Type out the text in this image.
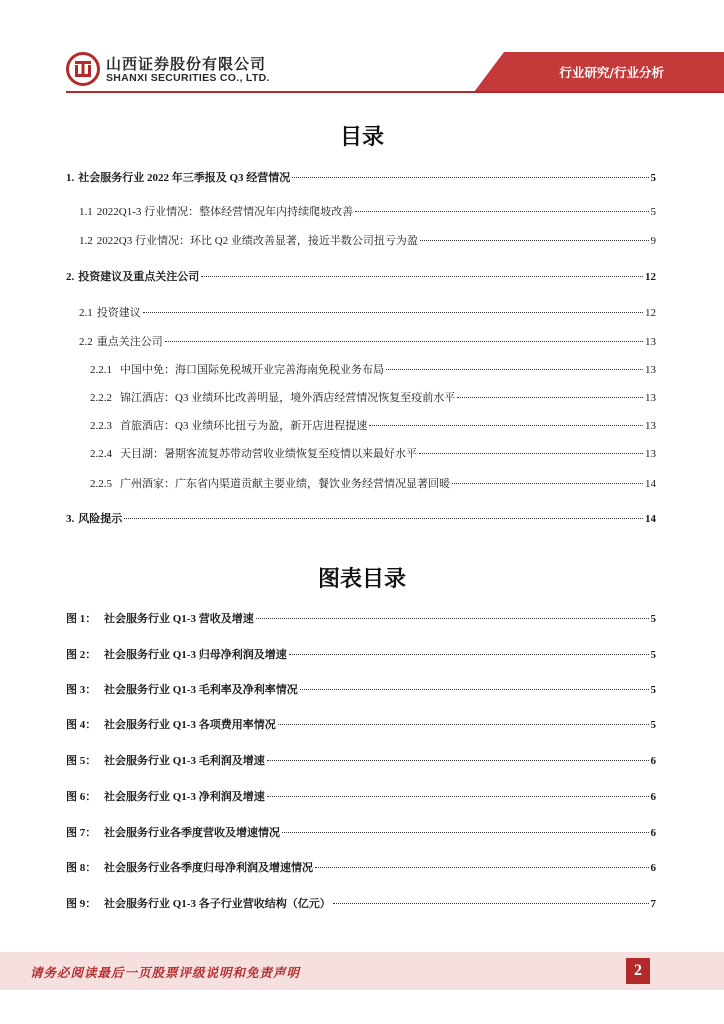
山西证券股份有限公司
SHANXI SECURITIES CO., LTD.	行业研究/行业分析
目录
1. 社会服务行业 2022 年三季报及 Q3 经营情况	5
1.1 2022Q1-3 行业情况：整体经营情况年内持续爬坡改善	5
1.2 2022Q3 行业情况：环比 Q2 业绩改善显著，接近半数公司扭亏为盈	9
2. 投资建议及重点关注公司	12
2.1 投资建议	12
2.2 重点关注公司	13
2.2.1 中国中免：海口国际免税城开业完善海南免税业务布局	13
2.2.2 锦江酒店：Q3 业绩环比改善明显，境外酒店经营情况恢复至疫前水平	13
2.2.3 首旅酒店：Q3 业绩环比扭亏为盈，新开店进程提速	13
2.2.4 天目湖：暑期客流复苏带动营收业绩恢复至疫情以来最好水平	13
2.2.5 广州酒家：广东省内渠道贡献主要业绩，餐饮业务经营情况显著回暖	14
3. 风险提示	14
图表目录
图 1： 社会服务行业 Q1-3 营收及增速	5
图 2： 社会服务行业 Q1-3 归母净利润及增速	5
图 3： 社会服务行业 Q1-3 毛利率及净利率情况	5
图 4： 社会服务行业 Q1-3 各项费用率情况	5
图 5： 社会服务行业 Q1-3 毛利润及增速	6
图 6： 社会服务行业 Q1-3 净利润及增速	6
图 7： 社会服务行业各季度营收及增速情况	6
图 8： 社会服务行业各季度归母净利润及增速情况	6
图 9： 社会服务行业 Q1-3 各子行业营收结构（亿元）	7
请务必阅读最后一页股票评级说明和免责声明	2
